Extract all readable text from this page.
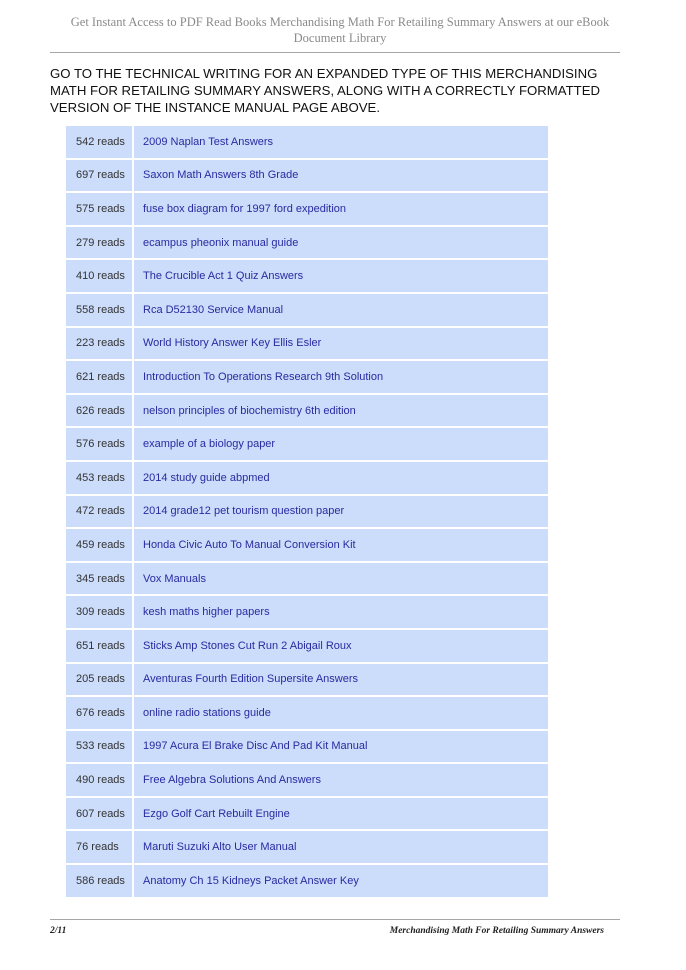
Get Instant Access to PDF Read Books Merchandising Math For Retailing Summary Answers at our eBook Document Library
GO TO THE TECHNICAL WRITING FOR AN EXPANDED TYPE OF THIS MERCHANDISING MATH FOR RETAILING SUMMARY ANSWERS, ALONG WITH A CORRECTLY FORMATTED VERSION OF THE INSTANCE MANUAL PAGE ABOVE.
542 reads	2009 Naplan Test Answers
697 reads	Saxon Math Answers 8th Grade
575 reads	fuse box diagram for 1997 ford expedition
279 reads	ecampus pheonix manual guide
410 reads	The Crucible Act 1 Quiz Answers
558 reads	Rca D52130 Service Manual
223 reads	World History Answer Key Ellis Esler
621 reads	Introduction To Operations Research 9th Solution
626 reads	nelson principles of biochemistry 6th edition
576 reads	example of a biology paper
453 reads	2014 study guide abpmed
472 reads	2014 grade12 pet tourism question paper
459 reads	Honda Civic Auto To Manual Conversion Kit
345 reads	Vox Manuals
309 reads	kesh maths higher papers
651 reads	Sticks Amp Stones Cut Run 2 Abigail Roux
205 reads	Aventuras Fourth Edition Supersite Answers
676 reads	online radio stations guide
533 reads	1997 Acura El Brake Disc And Pad Kit Manual
490 reads	Free Algebra Solutions And Answers
607 reads	Ezgo Golf Cart Rebuilt Engine
76 reads	Maruti Suzuki Alto User Manual
586 reads	Anatomy Ch 15 Kidneys Packet Answer Key
2/11	Merchandising Math For Retailing Summary Answers
